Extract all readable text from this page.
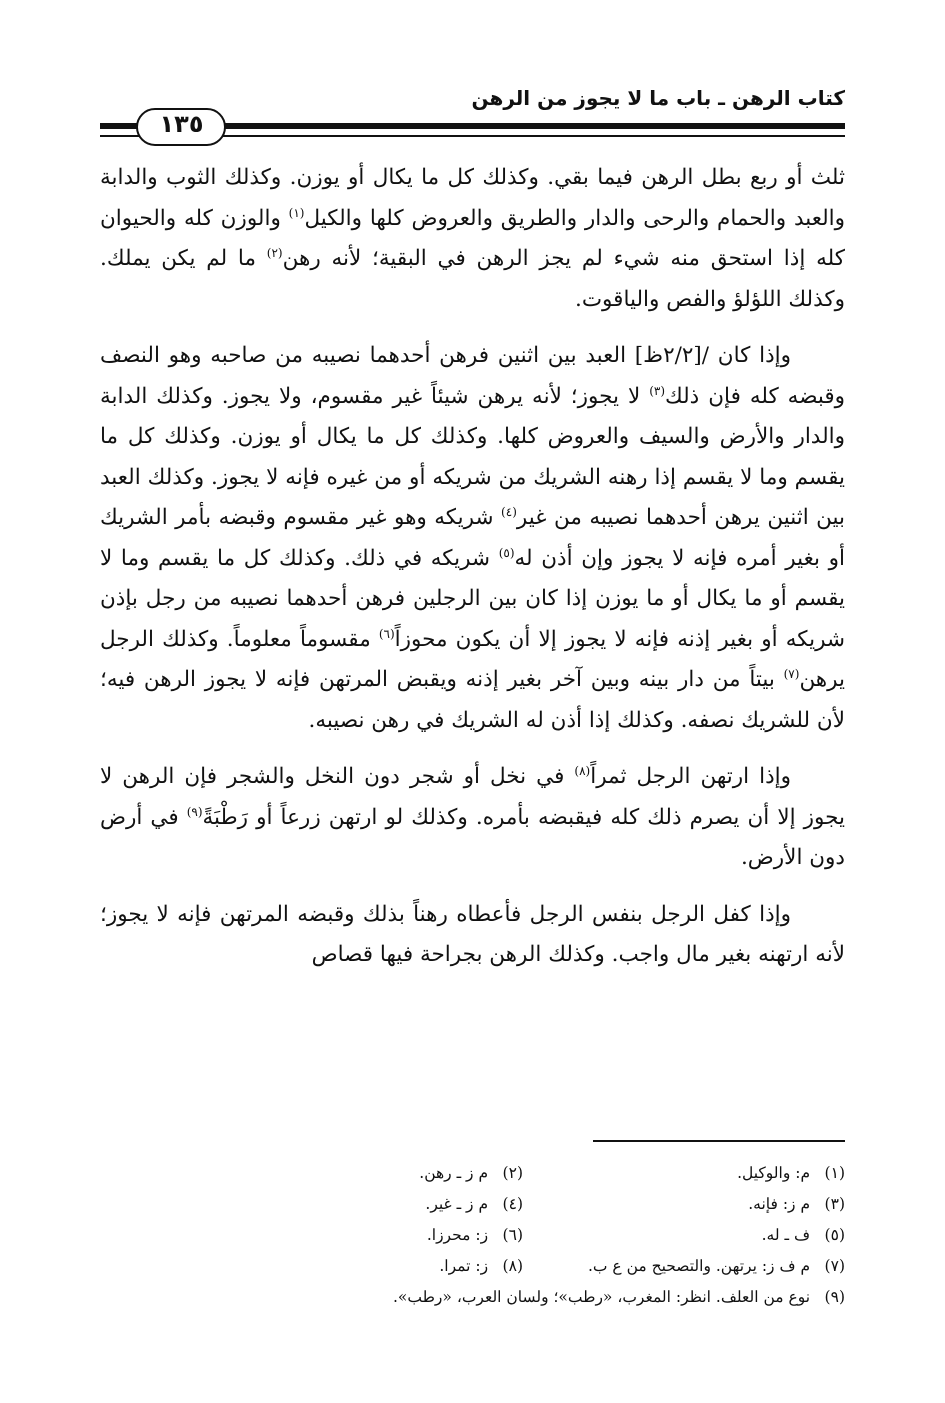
كتاب الرهن ـ باب ما لا يجوز من الرهن
١٣٥

ثلث أو ربع بطل الرهن فيما بقي. وكذلك كل ما يكال أو يوزن. وكذلك الثوب والدابة والعبد والحمام والرحى والدار والطريق والعروض كلها والكيل$^{(١)}$ والوزن كله والحيوان كله إذا استحق منه شيء لم يجز الرهن في البقية؛ لأنه رهن$^{(٢)}$ ما لم يكن يملك. وكذلك اللؤلؤ والفص والياقوت.

وإذا كان /[٢/٢ظ] العبد بين اثنين فرهن أحدهما نصيبه من صاحبه وهو النصف وقبضه كله فإن ذلك$^{(٣)}$ لا يجوز؛ لأنه يرهن شيئاً غير مقسوم، ولا يجوز. وكذلك الدابة والدار والأرض والسيف والعروض كلها. وكذلك كل ما يكال أو يوزن. وكذلك كل ما يقسم وما لا يقسم إذا رهنه الشريك من شريكه أو من غيره فإنه لا يجوز. وكذلك العبد بين اثنين يرهن أحدهما نصيبه من غير$^{(٤)}$ شريكه وهو غير مقسوم وقبضه بأمر الشريك أو بغير أمره فإنه لا يجوز وإن أذن له$^{(٥)}$ شريكه في ذلك. وكذلك كل ما يقسم وما لا يقسم أو ما يكال أو ما يوزن إذا كان بين الرجلين فرهن أحدهما نصيبه من رجل بإذن شريكه أو بغير إذنه فإنه لا يجوز إلا أن يكون محوزاً$^{(٦)}$ مقسوماً معلوماً. وكذلك الرجل يرهن$^{(٧)}$ بيتاً من دار بينه وبين آخر بغير إذنه ويقبض المرتهن فإنه لا يجوز الرهن فيه؛ لأن للشريك نصفه. وكذلك إذا أذن له الشريك في رهن نصيبه.

وإذا ارتهن الرجل ثمراً$^{(٨)}$ في نخل أو شجر دون النخل والشجر فإن الرهن لا يجوز إلا أن يصرم ذلك كله فيقبضه بأمره. وكذلك لو ارتهن زرعاً أو رَطْبَةً$^{(٩)}$ في أرض دون الأرض.

وإذا كفل الرجل بنفس الرجل فأعطاه رهناً بذلك وقبضه المرتهن فإنه لا يجوز؛ لأنه ارتهنه بغير مال واجب. وكذلك الرهن بجراحة فيها قصاص

(١) م: والوكيل.
(٢) م ز ـ رهن.
(٣) م ز: فإنه.
(٤) م ز ـ غير.
(٥) ف ـ له.
(٦) ز: محرزا.
(٧) م ف ز: يرتهن. والتصحيح من ع ب.
(٨) ز: تمرا.
(٩) نوع من العلف. انظر: المغرب، «رطب»؛ ولسان العرب، «رطب».
